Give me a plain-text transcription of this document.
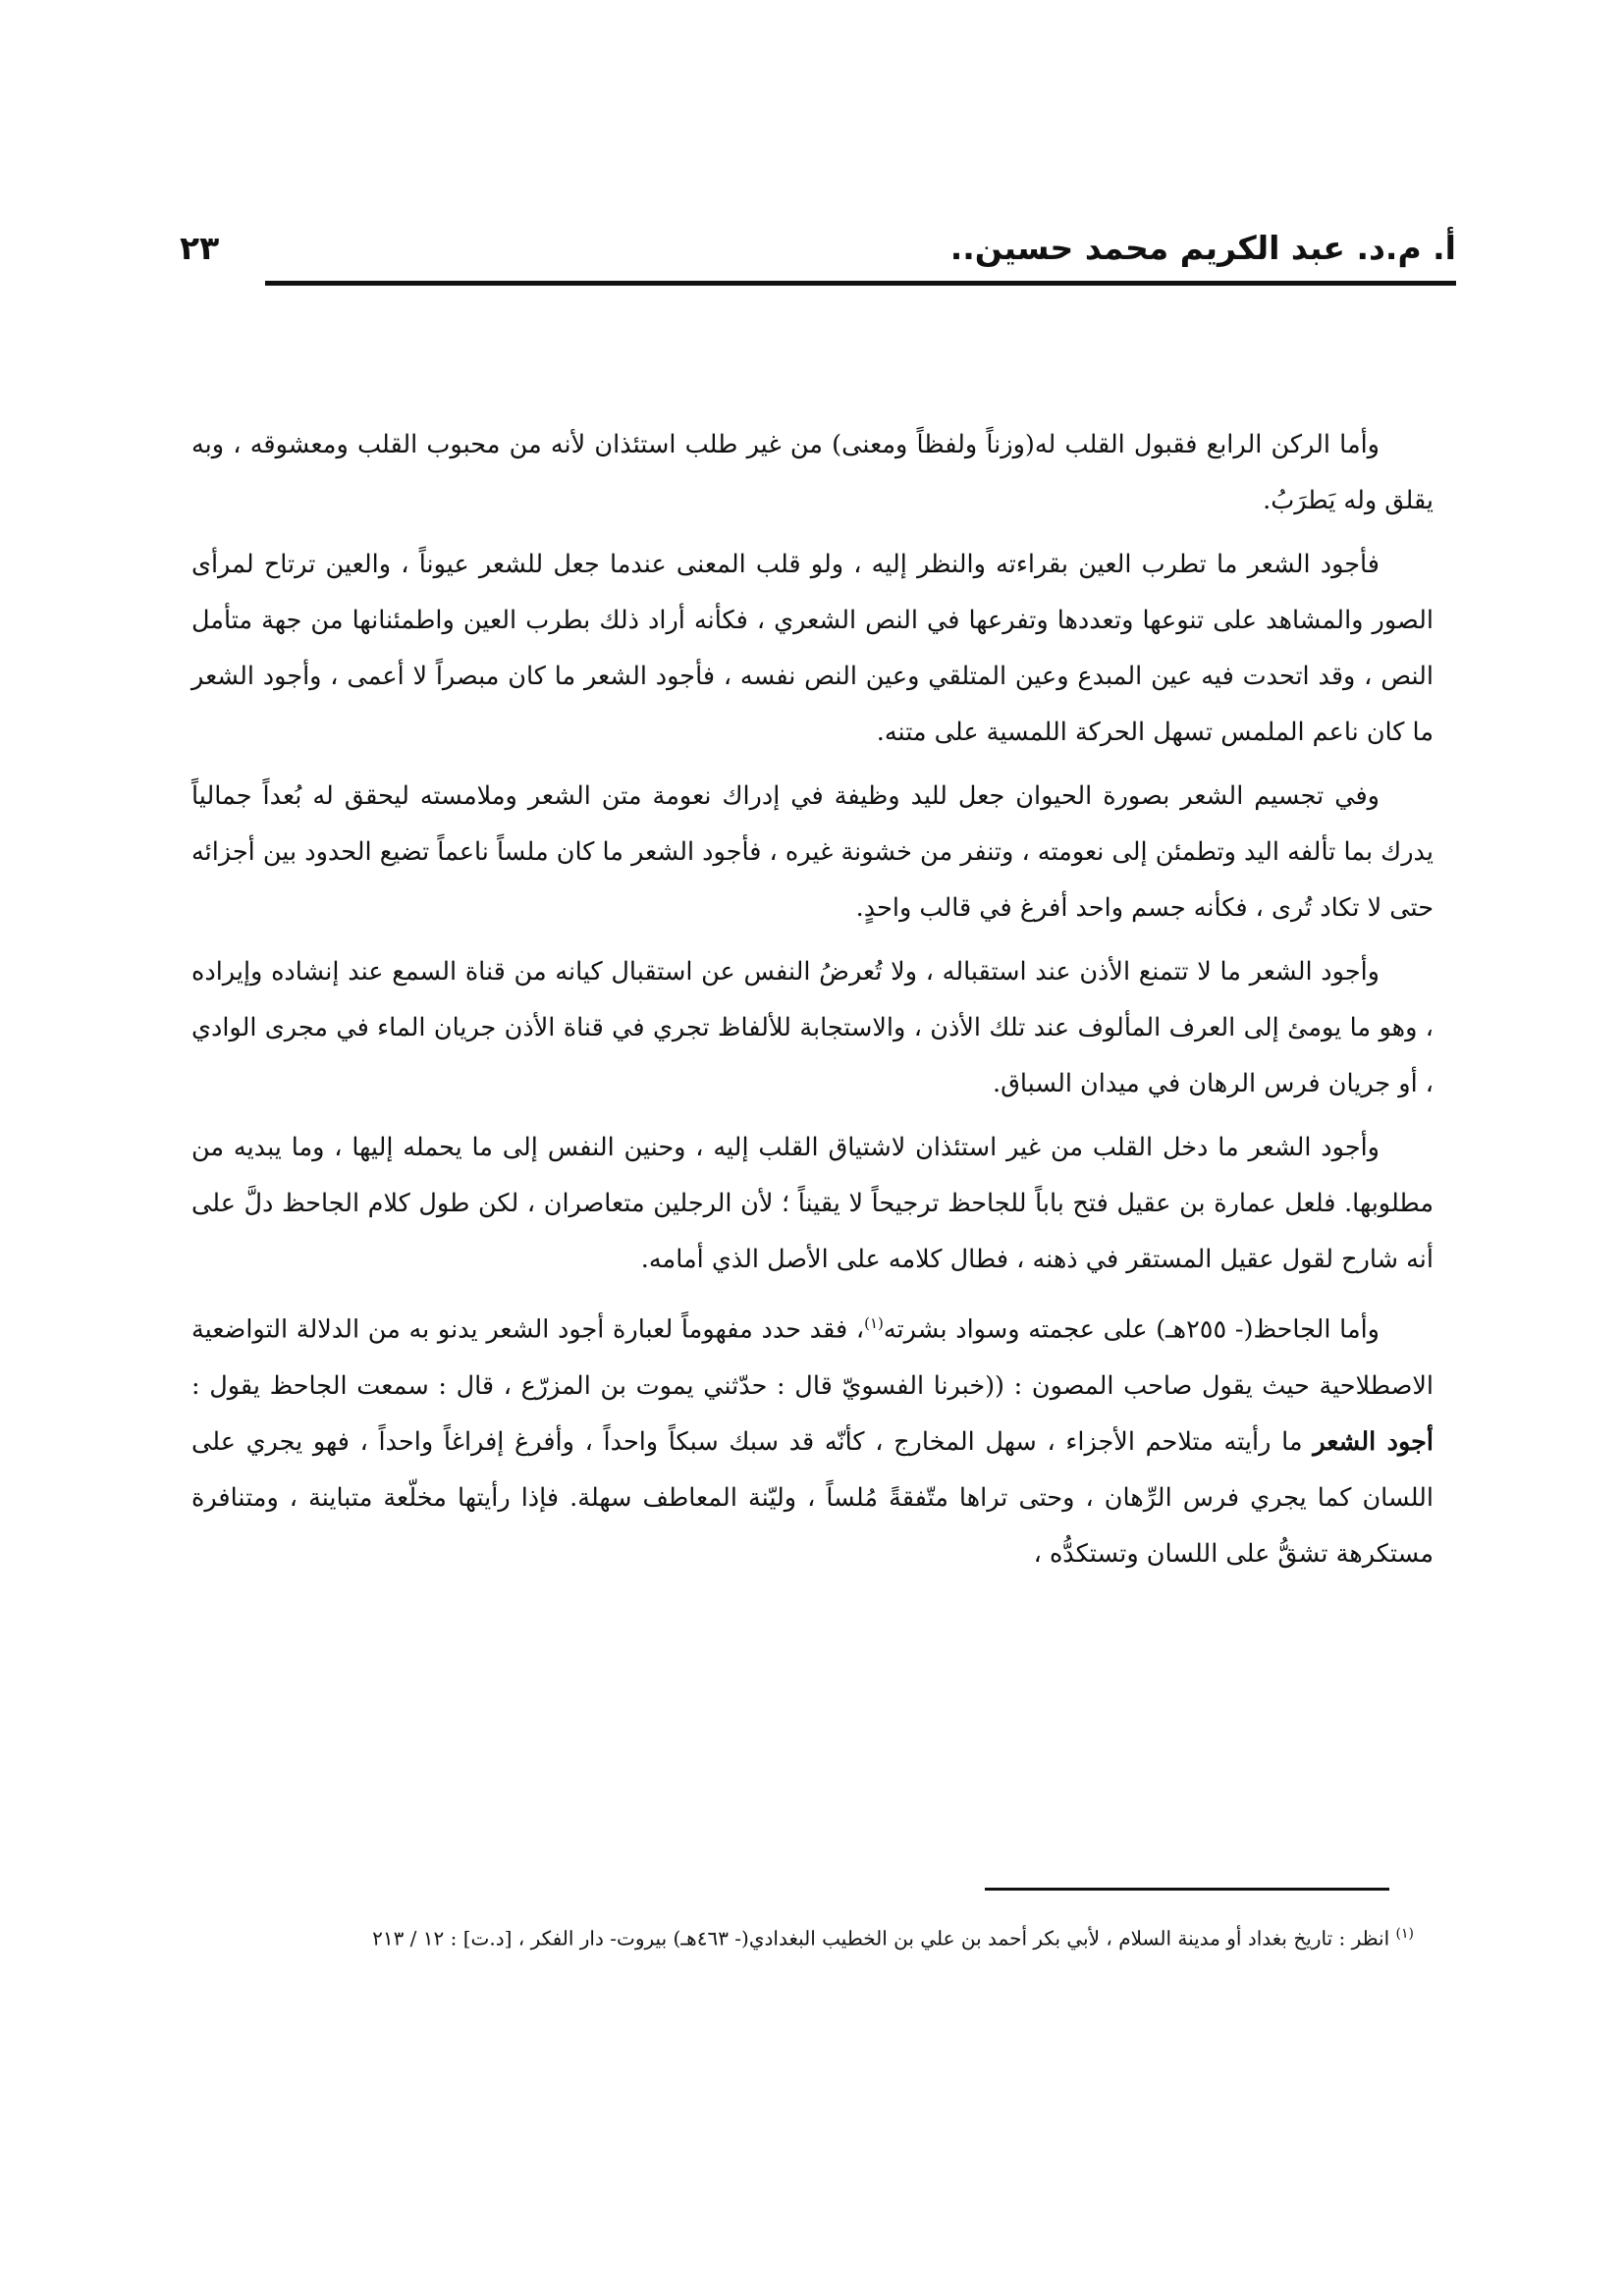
أ. م.د. عبد الكريم محمد حسين..
٢٣

وأما الركن الرابع فقبول القلب له(وزناً ولفظاً ومعنى) من غير طلب استئذان لأنه من محبوب القلب ومعشوقه ، وبه يقلق وله يَطرَبُ.

فأجود الشعر ما تطرب العين بقراءته والنظر إليه ، ولو قلب المعنى عندما جعل للشعر عيوناً ، والعين ترتاح لمرأى الصور والمشاهد على تنوعها وتعددها وتفرعها في النص الشعري ، فكأنه أراد ذلك بطرب العين واطمئنانها من جهة متأمل النص ، وقد اتحدت فيه عين المبدع وعين المتلقي وعين النص نفسه ، فأجود الشعر ما كان مبصراً لا أعمى ، وأجود الشعر ما كان ناعم الملمس تسهل الحركة اللمسية على متنه.

وفي تجسيم الشعر بصورة الحيوان جعل لليد وظيفة في إدراك نعومة متن الشعر وملامسته ليحقق له بُعداً جمالياً يدرك بما تألفه اليد وتطمئن إلى نعومته ، وتنفر من خشونة غيره ، فأجود الشعر ما كان ملساً ناعماً تضيع الحدود بين أجزائه حتى لا تكاد تُرى ، فكأنه جسم واحد أفرغ في قالب واحدٍ.

وأجود الشعر ما لا تتمنع الأذن عند استقباله ، ولا تُعرضُ النفس عن استقبال كيانه من قناة السمع عند إنشاده وإيراده ، وهو ما يومئ إلى العرف المألوف عند تلك الأذن ، والاستجابة للألفاظ تجري في قناة الأذن جريان الماء في مجرى الوادي ، أو جريان فرس الرهان في ميدان السباق.

وأجود الشعر ما دخل القلب من غير استئذان لاشتياق القلب إليه ، وحنين النفس إلى ما يحمله إليها ، وما يبديه من مطلوبها. فلعل عمارة بن عقيل فتح باباً للجاحظ ترجيحاً لا يقيناً ؛ لأن الرجلين متعاصران ، لكن طول كلام الجاحظ دلَّ على أنه شارح لقول عقيل المستقر في ذهنه ، فطال كلامه على الأصل الذي أمامه.

وأما الجاحظ(- ٢٥٥هـ) على عجمته وسواد بشرته$^{(١)}$، فقد حدد مفهوماً لعبارة أجود الشعر يدنو به من الدلالة التواضعية الاصطلاحية حيث يقول صاحب المصون : ((خبرنا الفسويّ قال : حدّثني يموت بن المزرّع ، قال : سمعت الجاحظ يقول : أجود الشعر ما رأيته متلاحم الأجزاء ، سهل المخارج ، كأنّه قد سبك سبكاً واحداً ، وأفرغ إفراغاً واحداً ، فهو يجري على اللسان كما يجري فرس الرِّهان ، وحتى تراها متّفقةً مُلساً ، وليّنة المعاطف سهلة. فإذا رأيتها مخلّعة متباينة ، ومتنافرة مستكرهة تشقُّ على اللسان وتستكدُّه ،

$^{(١)}$ انظر : تاريخ بغداد أو مدينة السلام ، لأبي بكر أحمد بن علي بن الخطيب البغدادي(- ٤٦٣هـ) بيروت- دار الفكر ، [د.ت] : ١٢ / ٢١٣
